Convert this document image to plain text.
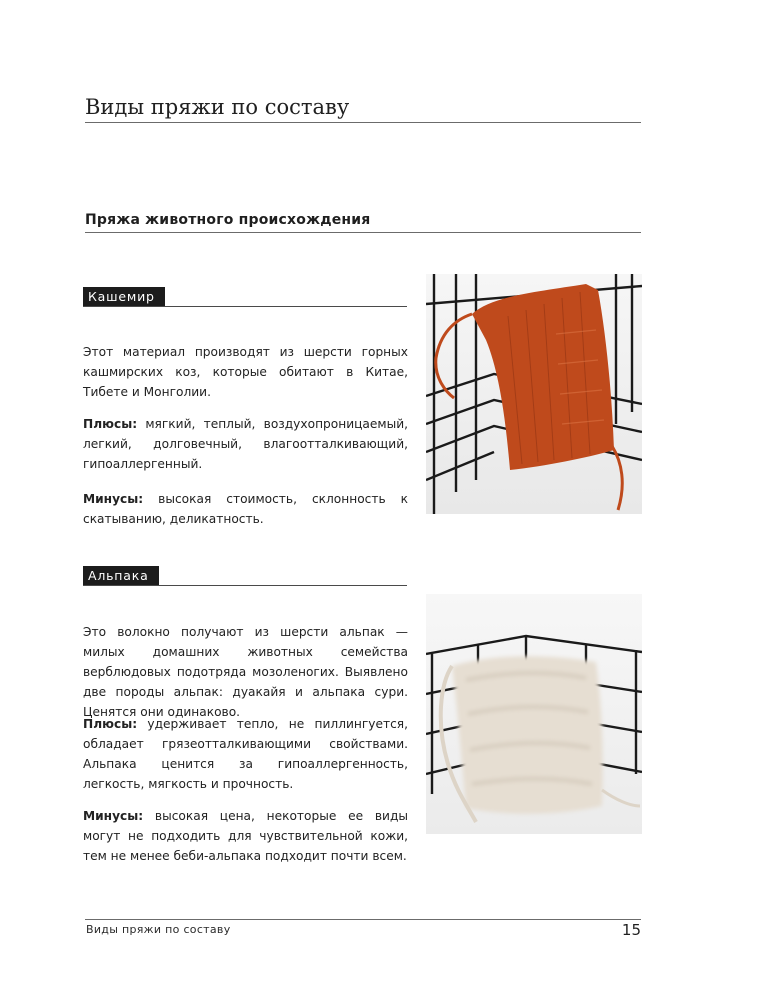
Виды пряжи по составу
Пряжа животного происхождения
Кашемир

Этот материал производят из шерсти горных кашмирских коз, которые обитают в Китае, Тибете и Монголии.

Плюсы: мягкий, теплый, воздухопроницаемый, легкий, долговечный, влагоотталкивающий, гипоаллергенный.

Минусы: высокая стоимость, склонность к скатыванию, деликатность.

Альпака

Это волокно получают из шерсти альпак — милых домашних животных семейства верблюдовых подотряда мозоленогих. Выявлено две породы альпак: дуакайя и альпака сури. Ценятся они одинаково.

Плюсы: удерживает тепло, не пиллингуется, обладает грязеотталкивающими свойствами. Альпака ценится за гипоаллергенность, легкость, мягкость и прочность.

Минусы: высокая цена, некоторые ее виды могут не подходить для чувствительной кожи, тем не менее беби-альпака подходит почти всем.

Виды пряжи по составу	15
